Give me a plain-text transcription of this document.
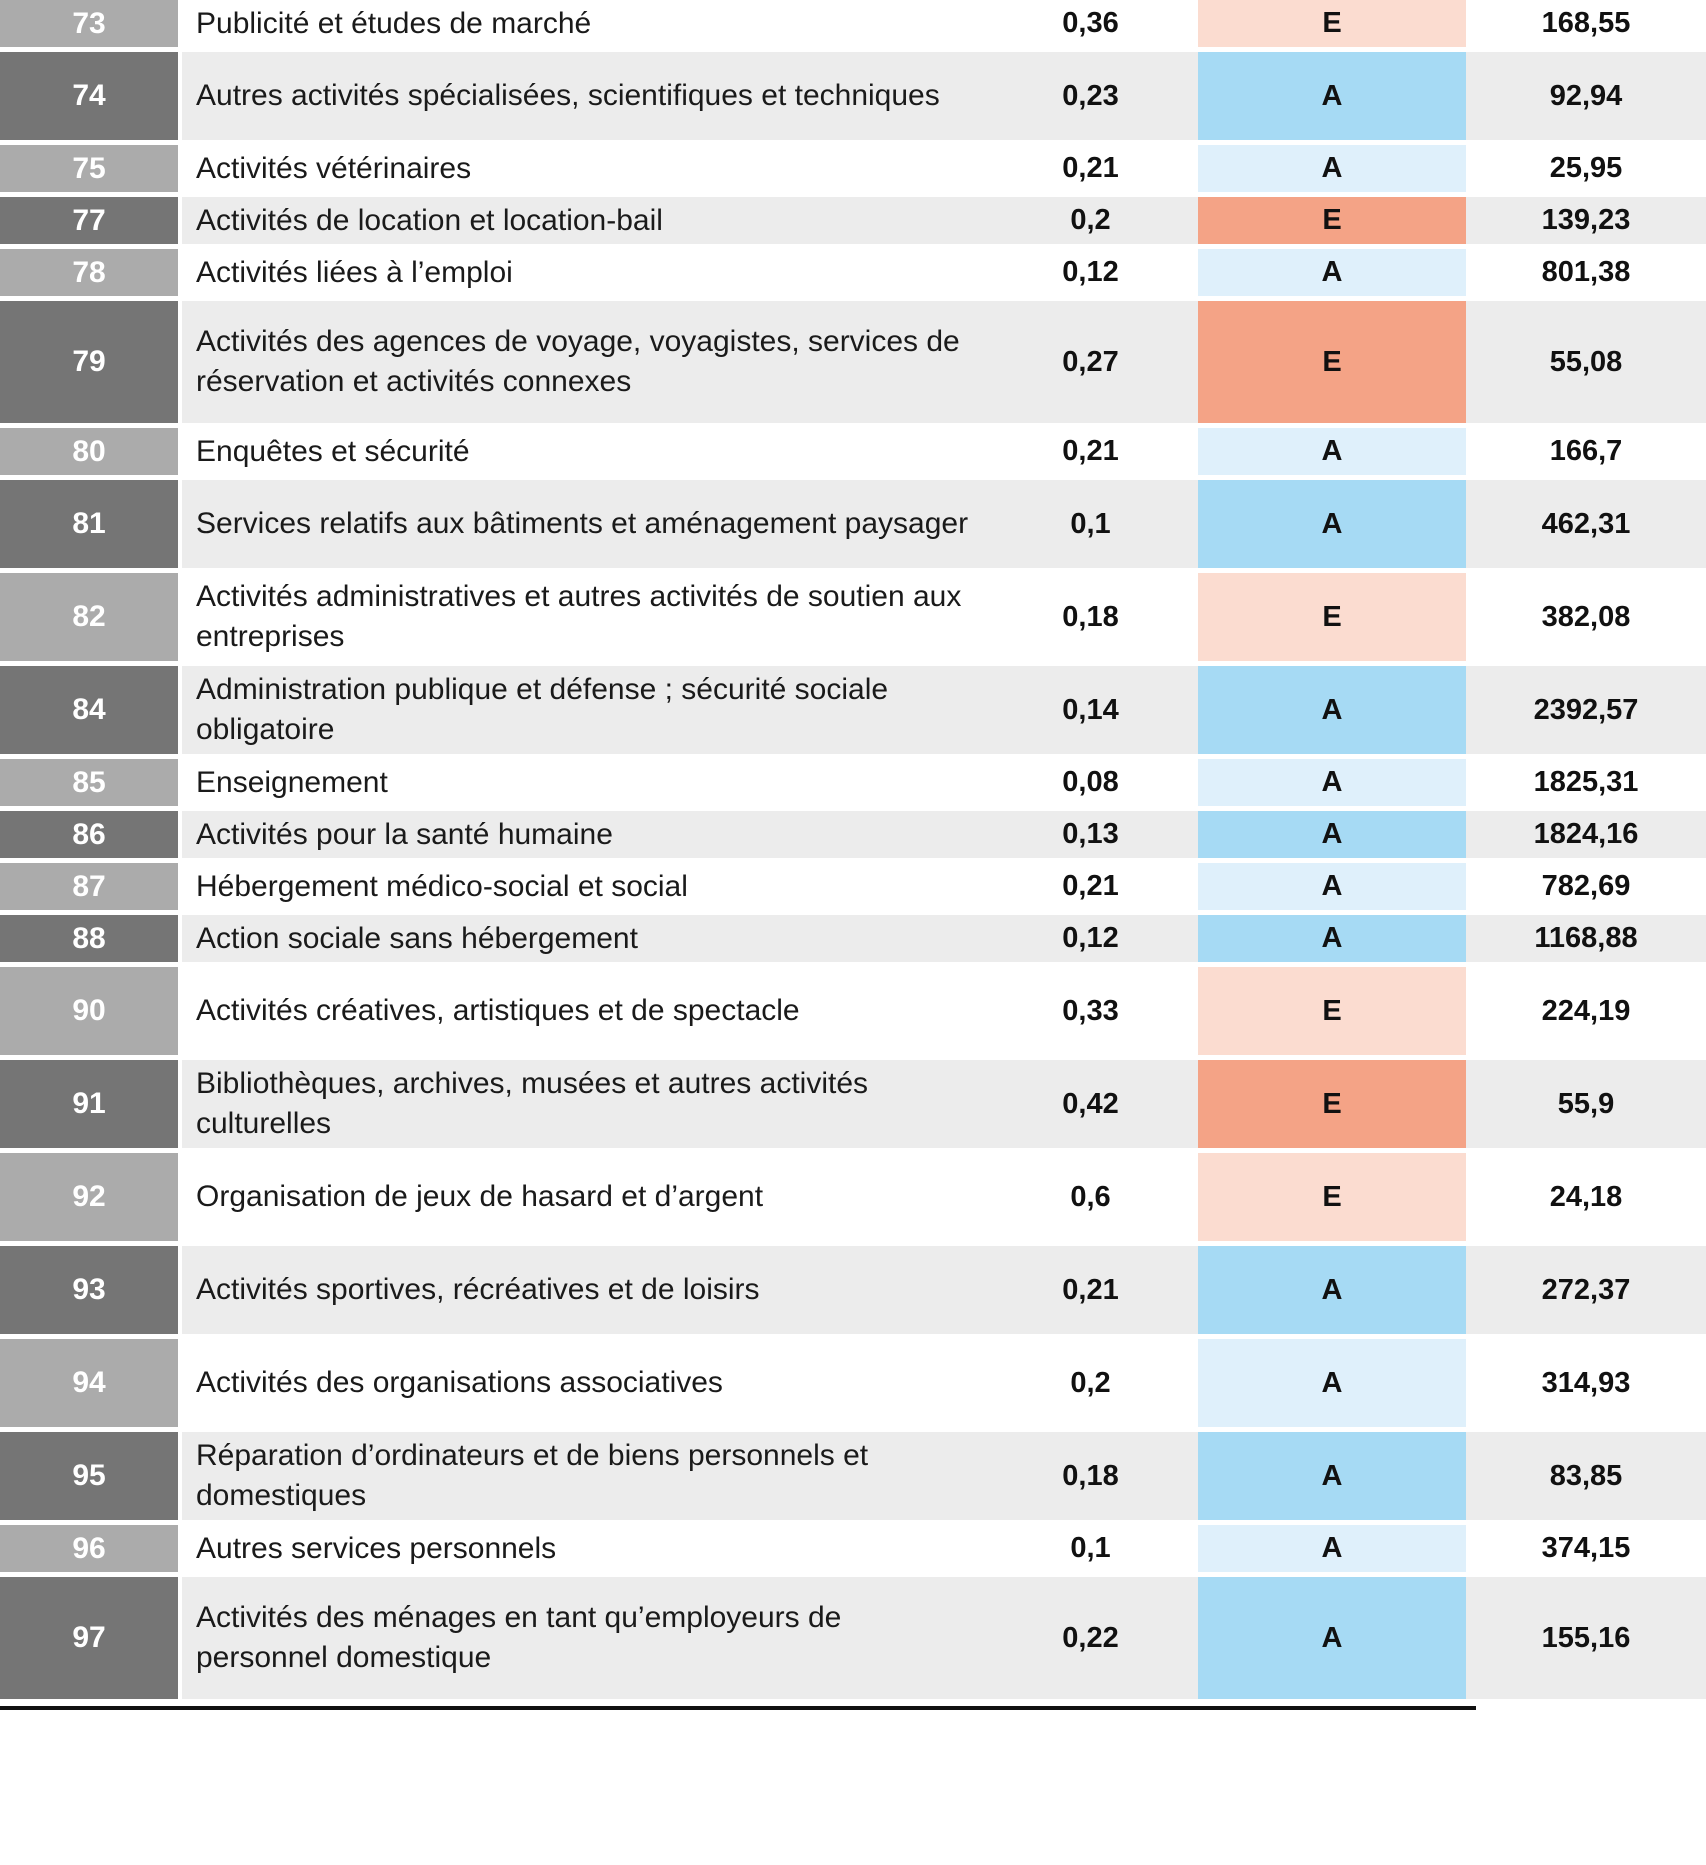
73	Publicité et études de marché	0,36	E	168,55
74	Autres activités spécialisées, scientifiques et techniques	0,23	A	92,94
75	Activités vétérinaires	0,21	A	25,95
77	Activités de location et location-bail	0,2	E	139,23
78	Activités liées à l’emploi	0,12	A	801,38
79	Activités des agences de voyage, voyagistes, services de réservation et activités connexes	0,27	E	55,08
80	Enquêtes et sécurité	0,21	A	166,7
81	Services relatifs aux bâtiments et aménagement paysager	0,1	A	462,31
82	Activités administratives et autres activités de soutien aux entreprises	0,18	E	382,08
84	Administration publique et défense ; sécurité sociale obligatoire	0,14	A	2392,57
85	Enseignement	0,08	A	1825,31
86	Activités pour la santé humaine	0,13	A	1824,16
87	Hébergement médico-social et social	0,21	A	782,69
88	Action sociale sans hébergement	0,12	A	1168,88
90	Activités créatives, artistiques et de spectacle	0,33	E	224,19
91	Bibliothèques, archives, musées et autres activités culturelles	0,42	E	55,9
92	Organisation de jeux de hasard et d’argent	0,6	E	24,18
93	Activités sportives, récréatives et de loisirs	0,21	A	272,37
94	Activités des organisations associatives	0,2	A	314,93
95	Réparation d’ordinateurs et de biens personnels et domestiques	0,18	A	83,85
96	Autres services personnels	0,1	A	374,15
97	Activités des ménages en tant qu’employeurs de personnel domestique	0,22	A	155,16
